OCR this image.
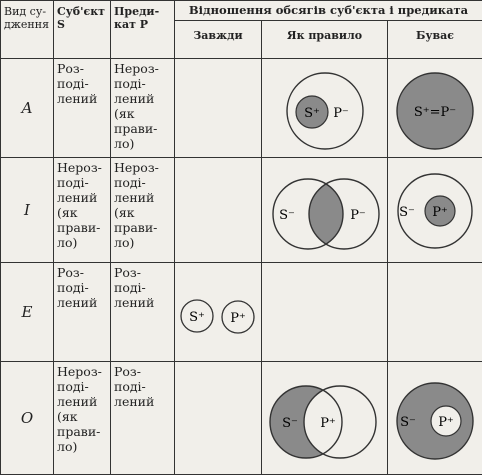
Вид су-дження	Суб'єкт S	Преди-кат P	Відношення обсягів суб'єкта і предиката		
			Завжди	Як правило	Буває
A	Роз-поді-лений	Нероз-поді-лений (як прави-ло)		S⁺ P⁻	S⁺=P⁻

I	Нероз-поді-лений (як прави-ло)	Нероз-поді-лений (як прави-ло)		S⁻ P⁻	S⁻ P⁺

E	Роз-поді-лений	Роз-поді-лений	S⁺ P⁺		

O	Нероз-поді-лений (як прави-ло)	Роз-поді-лений		S⁻ P⁺	S⁻ P⁺
